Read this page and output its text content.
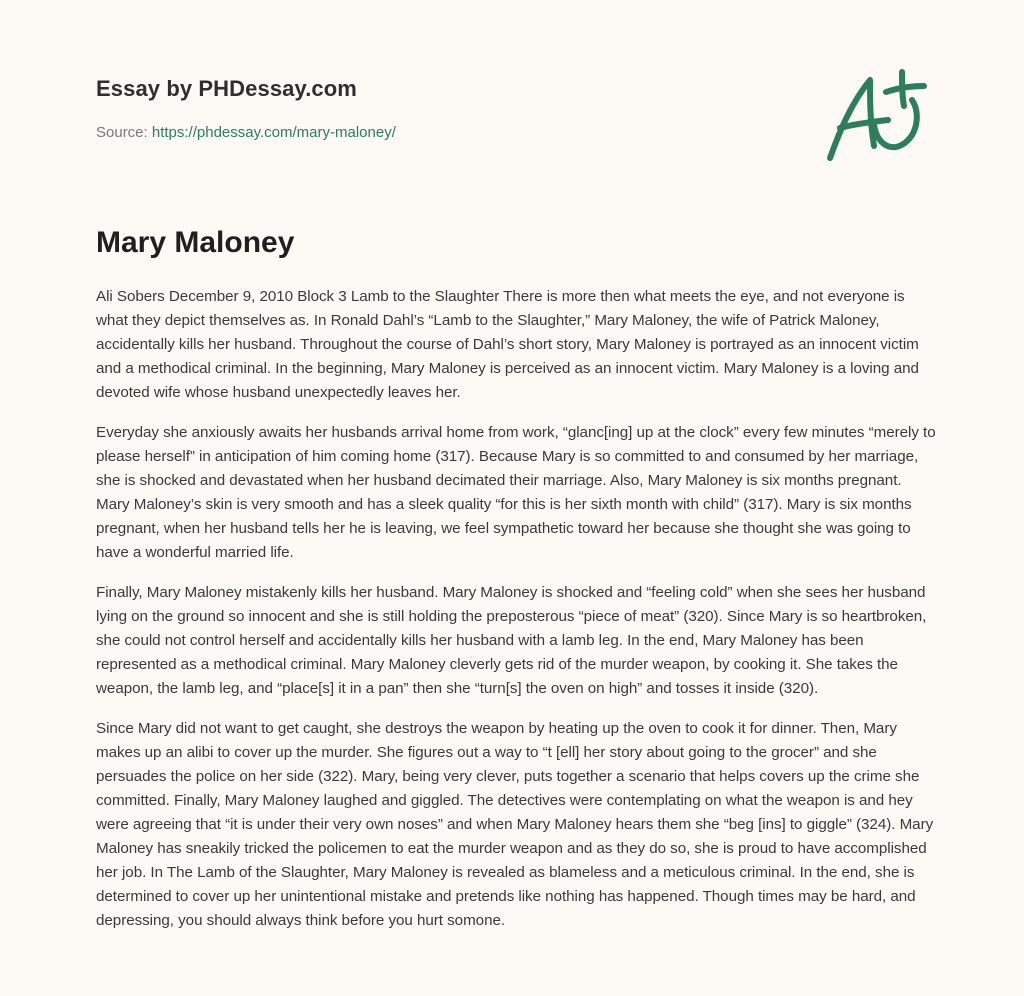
Essay by PHDessay.com
Source: https://phdessay.com/mary-maloney/
Mary Maloney

Ali Sobers December 9, 2010 Block 3 Lamb to the Slaughter There is more then what meets the eye, and not everyone is what they depict themselves as. In Ronald Dahl’s “Lamb to the Slaughter,” Mary Maloney, the wife of Patrick Maloney, accidentally kills her husband. Throughout the course of Dahl’s short story, Mary Maloney is portrayed as an innocent victim and a methodical criminal. In the beginning, Mary Maloney is perceived as an innocent victim. Mary Maloney is a loving and devoted wife whose husband unexpectedly leaves her.

Everyday she anxiously awaits her husbands arrival home from work, “glanc[ing] up at the clock” every few minutes “merely to please herself” in anticipation of him coming home (317). Because Mary is so committed to and consumed by her marriage, she is shocked and devastated when her husband decimated their marriage. Also, Mary Maloney is six months pregnant. Mary Maloney’s skin is very smooth and has a sleek quality “for this is her sixth month with child” (317). Mary is six months pregnant, when her husband tells her he is leaving, we feel sympathetic toward her because she thought she was going to have a wonderful married life.

Finally, Mary Maloney mistakenly kills her husband. Mary Maloney is shocked and “feeling cold” when she sees her husband lying on the ground so innocent and she is still holding the preposterous “piece of meat” (320). Since Mary is so heartbroken, she could not control herself and accidentally kills her husband with a lamb leg. In the end, Mary Maloney has been represented as a methodical criminal. Mary Maloney cleverly gets rid of the murder weapon, by cooking it. She takes the weapon, the lamb leg, and “place[s] it in a pan” then she “turn[s] the oven on high” and tosses it inside (320).

Since Mary did not want to get caught, she destroys the weapon by heating up the oven to cook it for dinner. Then, Mary makes up an alibi to cover up the murder. She figures out a way to “t [ell] her story about going to the grocer” and she persuades the police on her side (322). Mary, being very clever, puts together a scenario that helps covers up the crime she committed. Finally, Mary Maloney laughed and giggled. The detectives were contemplating on what the weapon is and hey were agreeing that “it is under their very own noses” and when Mary Maloney hears them she “beg [ins] to giggle” (324). Mary Maloney has sneakily tricked the policemen to eat the murder weapon and as they do so, she is proud to have accomplished her job. In The Lamb of the Slaughter, Mary Maloney is revealed as blameless and a meticulous criminal. In the end, she is determined to cover up her unintentional mistake and pretends like nothing has happened. Though times may be hard, and depressing, you should always think before you hurt somone.
